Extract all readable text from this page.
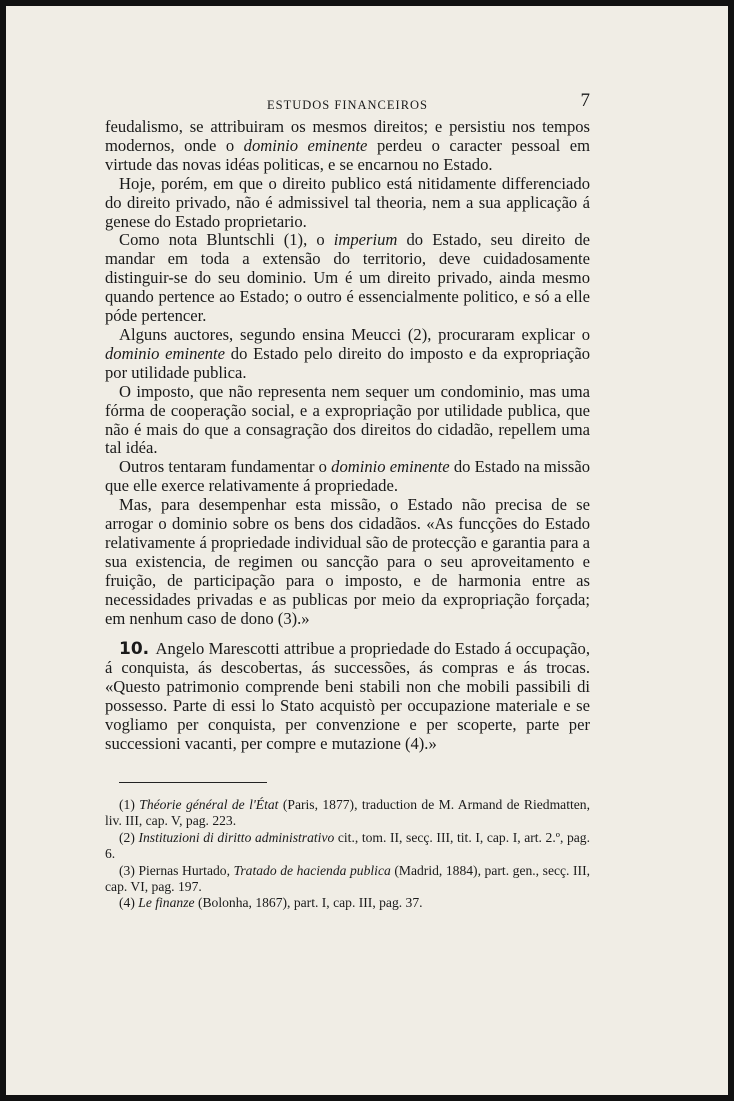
ESTUDOS FINANCEIROS	7

feudalismo, se attribuiram os mesmos direitos; e persistiu nos tempos modernos, onde o dominio eminente perdeu o caracter pessoal em virtude das novas idéas politicas, e se encarnou no Estado.

Hoje, porém, em que o direito publico está nitidamente differenciado do direito privado, não é admissivel tal theoria, nem a sua applicação á genese do Estado proprietario.

Como nota Bluntschli (1), o imperium do Estado, seu direito de mandar em toda a extensão do territorio, deve cuidadosamente distinguir-se do seu dominio. Um é um direito privado, ainda mesmo quando pertence ao Estado; o outro é essencialmente politico, e só a elle póde pertencer.

Alguns auctores, segundo ensina Meucci (2), procuraram explicar o dominio eminente do Estado pelo direito do imposto e da expropriação por utilidade publica.

O imposto, que não representa nem sequer um condominio, mas uma fórma de cooperação social, e a expropriação por utilidade publica, que não é mais do que a consagração dos direitos do cidadão, repellem uma tal idéa.

Outros tentaram fundamentar o dominio eminente do Estado na missão que elle exerce relativamente á propriedade.

Mas, para desempenhar esta missão, o Estado não precisa de se arrogar o dominio sobre os bens dos cidadãos. «As funcções do Estado relativamente á propriedade individual são de protecção e garantia para a sua existencia, de regimen ou sancção para o seu aproveitamento e fruição, de participação para o imposto, e de harmonia entre as necessidades privadas e as publicas por meio da expropriação forçada; em nenhum caso de dono (3).»

10. Angelo Marescotti attribue a propriedade do Estado á occupação, á conquista, ás descobertas, ás successões, ás compras e ás trocas. «Questo patrimonio comprende beni stabili non che mobili passibili di possesso. Parte di essi lo Stato acquistò per occupazione materiale e se vogliamo per conquista, per convenzione e per scoperte, parte per successioni vacanti, per compre e mutazione (4).»

(1) Théorie général de l'État (Paris, 1877), traduction de M. Armand de Riedmatten, liv. III, cap. V, pag. 223.

(2) Instituzioni di diritto administrativo cit., tom. II, secç. III, tit. I, cap. I, art. 2.º, pag. 6.

(3) Piernas Hurtado, Tratado de hacienda publica (Madrid, 1884), part. gen., secç. III, cap. VI, pag. 197.

(4) Le finanze (Bolonha, 1867), part. I, cap. III, pag. 37.
